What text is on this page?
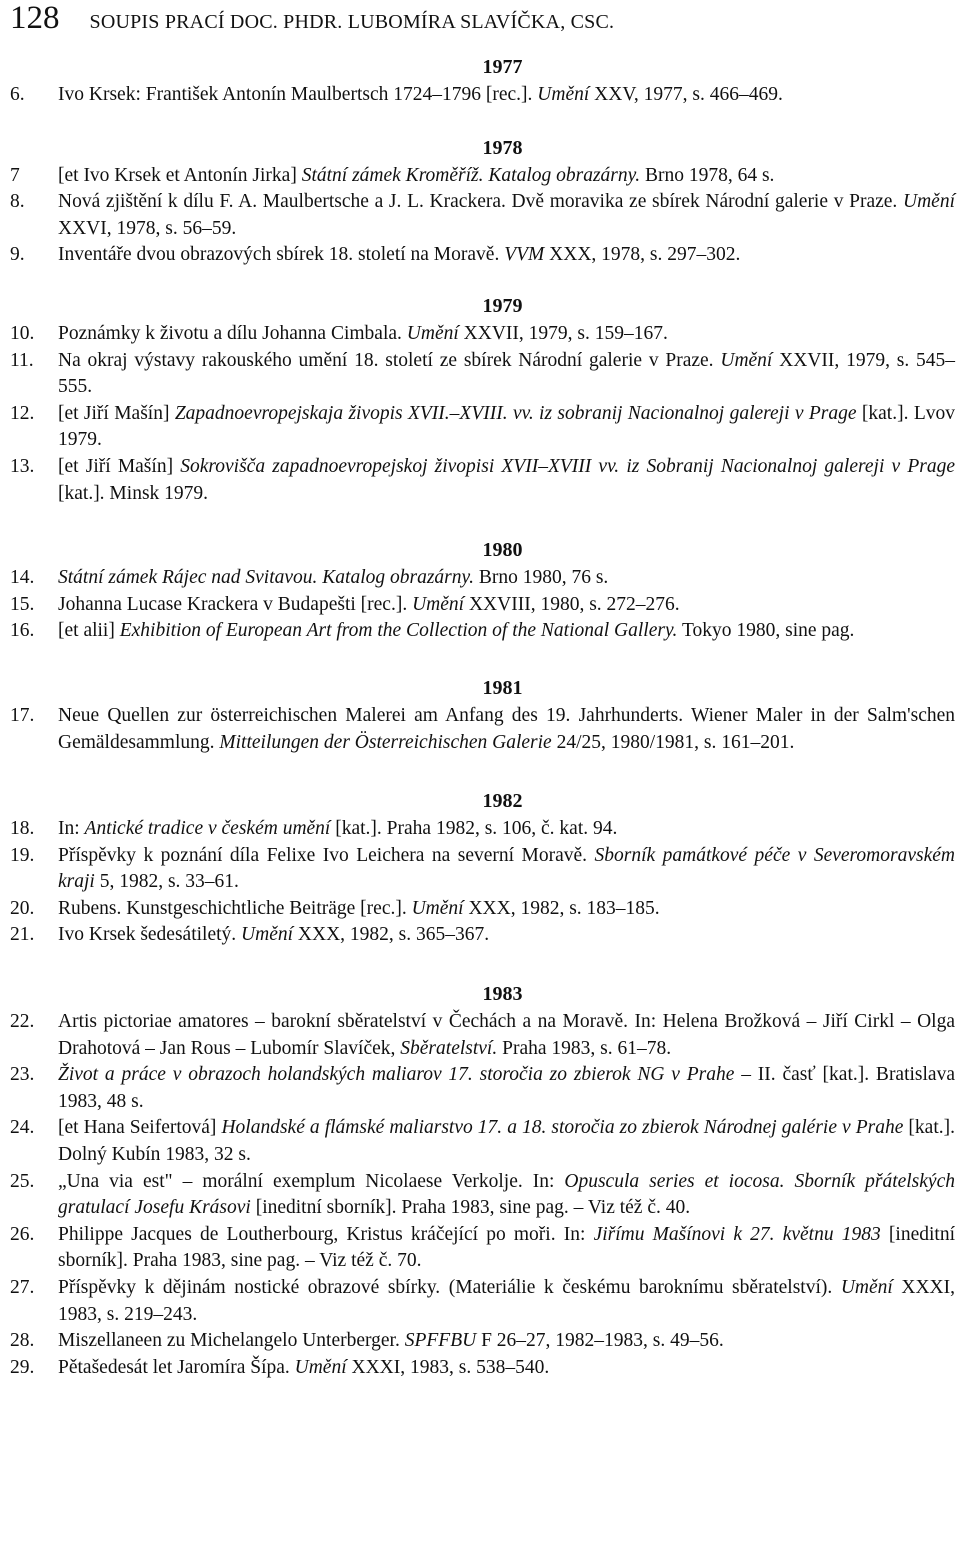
128 SOUPIS PRACÍ DOC. PHDR. LUBOMÍRA SLAVÍČKA, CSC.
1977
6.	Ivo Krsek: František Antonín Maulbertsch 1724–1796 [rec.]. Umění XXV, 1977, s. 466–469.
1978
7	[et Ivo Krsek et Antonín Jirka] Státní zámek Kroměříž. Katalog obrazárny. Brno 1978, 64 s.
8.	Nová zjištění k dílu F. A. Maulbertsche a J. L. Krackera. Dvě moravika ze sbírek Národní galerie v Praze. Umění XXVI, 1978, s. 56–59.
9.	Inventáře dvou obrazových sbírek 18. století na Moravě. VVM XXX, 1978, s. 297–302.
1979
10.	Poznámky k životu a dílu Johanna Cimbala. Umění XXVII, 1979, s. 159–167.
11.	Na okraj výstavy rakouského umění 18. století ze sbírek Národní galerie v Praze. Umění XXVII, 1979, s. 545–555.
12.	[et Jiří Mašín] Zapadnoevropejskaja živopis XVII.–XVIII. vv. iz sobranij Nacionalnoj galereji v Prage [kat.]. Lvov 1979.
13.	[et Jiří Mašín] Sokrovišča zapadnoevropejskoj živopisi XVII–XVIII vv. iz Sobranij Nacionalnoj galereji v Prage [kat.]. Minsk 1979.
1980
14.	Státní zámek Rájec nad Svitavou. Katalog obrazárny. Brno 1980, 76 s.
15.	Johanna Lucase Krackera v Budapešti [rec.]. Umění XXVIII, 1980, s. 272–276.
16.	[et alii] Exhibition of European Art from the Collection of the National Gallery. Tokyo 1980, sine pag.
1981
17.	Neue Quellen zur österreichischen Malerei am Anfang des 19. Jahrhunderts. Wiener Maler in der Salm'schen Gemäldesammlung. Mitteilungen der Österreichischen Galerie 24/25, 1980/1981, s. 161–201.
1982
18.	In: Antické tradice v českém umění [kat.]. Praha 1982, s. 106, č. kat. 94.
19.	Příspěvky k poznání díla Felixe Ivo Leichera na severní Moravě. Sborník památkové péče v Severomoravském kraji 5, 1982, s. 33–61.
20.	Rubens. Kunstgeschichtliche Beiträge [rec.]. Umění XXX, 1982, s. 183–185.
21.	Ivo Krsek šedesátiletý. Umění XXX, 1982, s. 365–367.
1983
22.	Artis pictoriae amatores – barokní sběratelství v Čechách a na Moravě. In: Helena Brožková – Jiří Cirkl – Olga Drahotová – Jan Rous – Lubomír Slavíček, Sběratelství. Praha 1983, s. 61–78.
23.	Život a práce v obrazoch holandských maliarov 17. storočia zo zbierok NG v Prahe – II. časť [kat.]. Bratislava 1983, 48 s.
24.	[et Hana Seifertová] Holandské a flámské maliarstvo 17. a 18. storočia zo zbierok Národnej galérie v Prahe [kat.]. Dolný Kubín 1983, 32 s.
25.	„Una via est" – morální exemplum Nicolaese Verkolje. In: Opuscula series et iocosa. Sborník přátelských gratulací Josefu Krásovi [ineditní sborník]. Praha 1983, sine pag. – Viz též č. 40.
26.	Philippe Jacques de Loutherbourg, Kristus kráčející po moři. In: Jiřímu Mašínovi k 27. květnu 1983 [ineditní sborník]. Praha 1983, sine pag. – Viz též č. 70.
27.	Příspěvky k dějinám nostické obrazové sbírky. (Materiálie k českému baroknímu sběratelství). Umění XXXI, 1983, s. 219–243.
28.	Miszellaneen zu Michelangelo Unterberger. SPFFBU F 26–27, 1982–1983, s. 49–56.
29.	Pětašedesát let Jaromíra Šípa. Umění XXXI, 1983, s. 538–540.
